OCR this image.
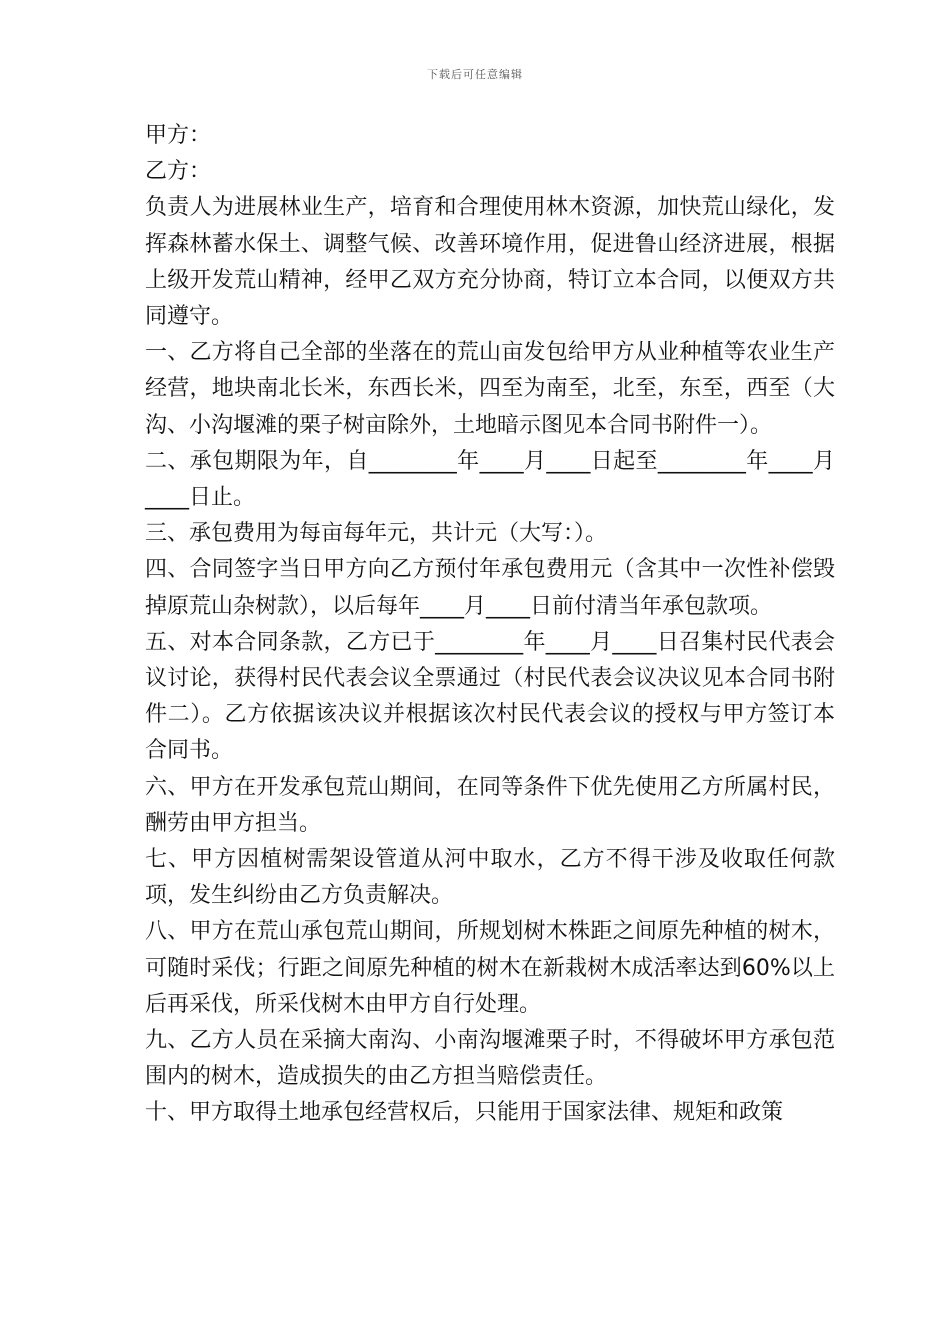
下载后可任意编辑

甲方：

乙方：

负责人为进展林业生产，培育和合理使用林木资源，加快荒山绿化，发挥森林蓄水保土、调整气候、改善环境作用，促进鲁山经济进展，根据上级开发荒山精神，经甲乙双方充分协商，特订立本合同，以便双方共同遵守。

一、乙方将自己全部的坐落在的荒山亩发包给甲方从业种植等农业生产经营，地块南北长米，东西长米，四至为南至，北至，东至，西至（大沟、小沟堰滩的栗子树亩除外，土地暗示图见本合同书附件一）。

二、承包期限为年，自________年____月____日起至________年____月____日止。

三、承包费用为每亩每年元，共计元（大写：）。

四、合同签字当日甲方向乙方预付年承包费用元（含其中一次性补偿毁掉原荒山杂树款），以后每年____月____日前付清当年承包款项。

五、对本合同条款，乙方已于________年____月____日召集村民代表会议讨论，获得村民代表会议全票通过（村民代表会议决议见本合同书附件二）。乙方依据该决议并根据该次村民代表会议的授权与甲方签订本合同书。

六、甲方在开发承包荒山期间，在同等条件下优先使用乙方所属村民，酬劳由甲方担当。

七、甲方因植树需架设管道从河中取水，乙方不得干涉及收取任何款项，发生纠纷由乙方负责解决。

八、甲方在荒山承包荒山期间，所规划树木株距之间原先种植的树木，可随时采伐；行距之间原先种植的树木在新栽树木成活率达到60%以上后再采伐，所采伐树木由甲方自行处理。

九、乙方人员在采摘大南沟、小南沟堰滩栗子时，不得破坏甲方承包范围内的树木，造成损失的由乙方担当赔偿责任。

十、甲方取得土地承包经营权后，只能用于国家法律、规矩和政策
